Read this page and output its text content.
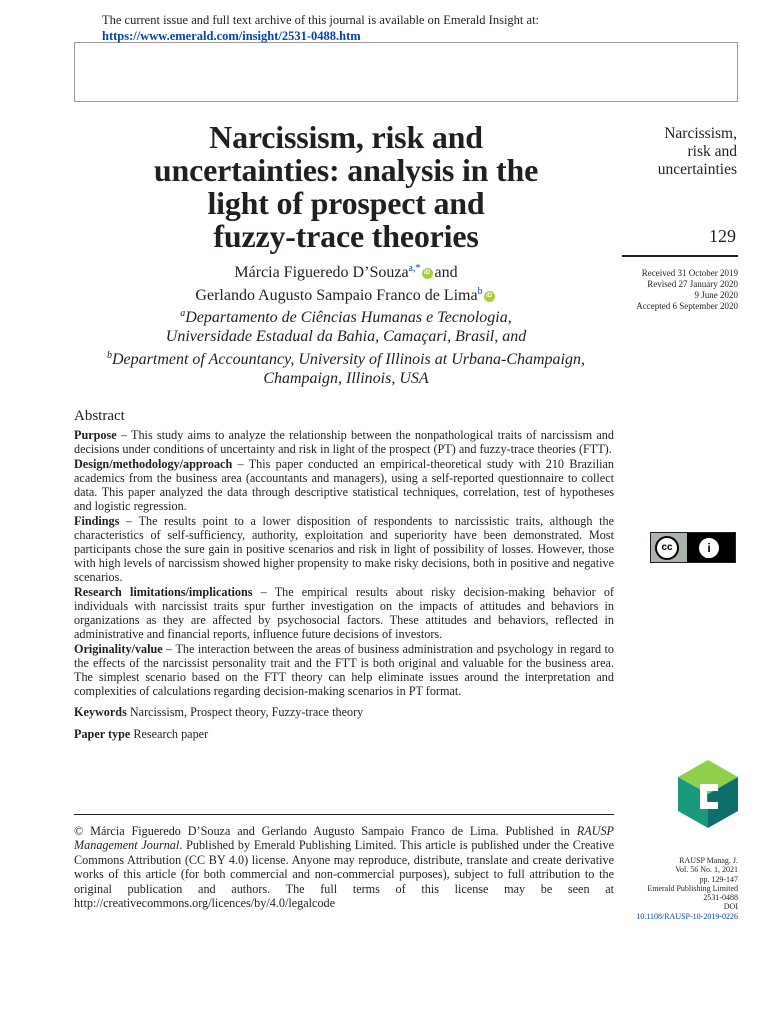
The current issue and full text archive of this journal is available on Emerald Insight at:
https://www.emerald.com/insight/2531-0488.htm
Narcissism, risk and
uncertainties: analysis in the
light of prospect and
fuzzy-trace theories
Narcissism,
risk and
uncertainties
129
Received 31 October 2019
Revised 27 January 2020
9 June 2020
Accepted 6 September 2020
Márcia Figueredo D’Souza$^{a,*}$ iD and
Gerlando Augusto Sampaio Franco de Lima$^b$ iD
$^a$Departamento de Ciências Humanas e Tecnologia,
Universidade Estadual da Bahia, Camaçari, Brasil, and
$^b$Department of Accountancy, University of Illinois at Urbana-Champaign,
Champaign, Illinois, USA
Abstract

Purpose – This study aims to analyze the relationship between the nonpathological traits of narcissism and decisions under conditions of uncertainty and risk in light of the prospect (PT) and fuzzy-trace theories (FTT).

Design/methodology/approach – This paper conducted an empirical-theoretical study with 210 Brazilian academics from the business area (accountants and managers), using a self-reported questionnaire to collect data. This paper analyzed the data through descriptive statistical techniques, correlation, test of hypotheses and logistic regression.

Findings – The results point to a lower disposition of respondents to narcissistic traits, although the characteristics of self-sufficiency, authority, exploitation and superiority have been demonstrated. Most participants chose the sure gain in positive scenarios and risk in light of possibility of losses. However, those with high levels of narcissism showed higher propensity to make risky decisions, both in positive and negative scenarios.

Research limitations/implications – The empirical results about risky decision-making behavior of individuals with narcissist traits spur further investigation on the impacts of attitudes and behaviors in organizations as they are affected by psychosocial factors. These attitudes and behaviors, reflected in administrative and financial reports, influence future decisions of investors.

Originality/value – The interaction between the areas of business administration and psychology in regard to the effects of the narcissist personality trait and the FTT is both original and valuable for the business area. The simplest scenario based on the FTT theory can help eliminate issues around the interpretation and complexities of calculations regarding decision-making scenarios in PT format.

Keywords Narcissism, Prospect theory, Fuzzy-trace theory

Paper type Research paper

cc	i
BY
© Márcia Figueredo D’Souza and Gerlando Augusto Sampaio Franco de Lima. Published in RAUSP Management Journal. Published by Emerald Publishing Limited. This article is published under the Creative Commons Attribution (CC BY 4.0) license. Anyone may reproduce, distribute, translate and create derivative works of this article (for both commercial and non-commercial purposes), subject to full attribution to the original publication and authors. The full terms of this license may be seen at http://creativecommons.org/licences/by/4.0/legalcode
RAUSP Manag. J.
Vol. 56 No. 1, 2021
pp. 129-147
Emerald Publishing Limited
2531-0488
DOI
10.1108/RAUSP-10-2019-0226
